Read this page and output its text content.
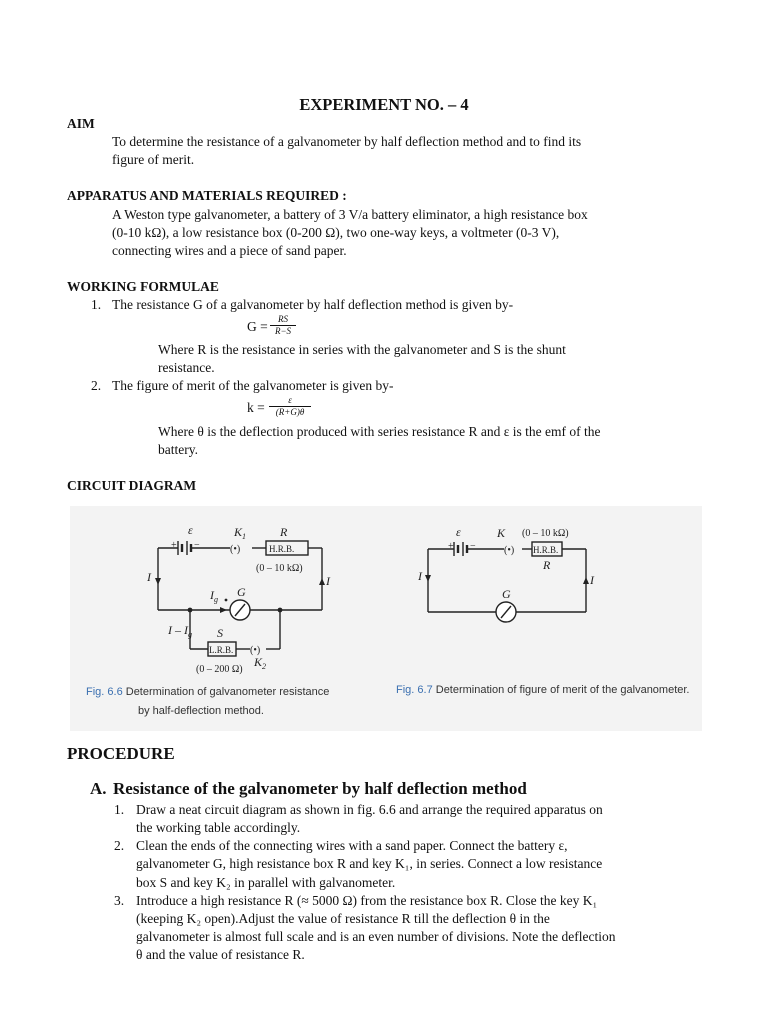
EXPERIMENT NO. – 4
AIM
To determine the resistance of a galvanometer by half deflection method and to find its
figure of merit.
APPARATUS AND MATERIALS REQUIRED :
A Weston type galvanometer, a battery of 3 V/a battery eliminator, a high resistance box
(0-10 kΩ), a low resistance box (0-200 Ω), two one-way keys, a voltmeter (0-3 V),
connecting wires and a piece of sand paper.
WORKING FORMULAE
1. The resistance G of a galvanometer by half deflection method is given by-
$G = \frac{RS}{R-S}$
Where R is the resistance in series with the galvanometer and S is the shunt
resistance.
2. The figure of merit of the galvanometer is given by-
$k = \frac{\varepsilon}{(R+G)\theta}$
Where θ is the deflection produced with series resistance R and ε is the emf of the
battery.
CIRCUIT DIAGRAM
ε
+ −
$K_1$
(•)
R
H.R.B.
(0 – 10 kΩ)
I	I
$I_g$
G
I – $I_g$ S
L.R.B. (•)
(0 – 200 Ω)
$K_2$
Fig. 6.6 Determination of galvanometer resistance
by half-deflection method.
ε
+ −
K
(•)
(0 – 10 kΩ)
H.R.B.
R
I	I
G
Fig. 6.7 Determination of figure of merit of the galvanometer.
PROCEDURE
A. Resistance of the galvanometer by half deflection method
1. Draw a neat circuit diagram as shown in fig. 6.6 and arrange the required apparatus on
the working table accordingly.
2. Clean the ends of the connecting wires with a sand paper. Connect the battery ε,
galvanometer G, high resistance box R and key K₁, in series. Connect a low resistance
box S and key K₂ in parallel with galvanometer.
3. Introduce a high resistance R (≈ 5000 Ω) from the resistance box R. Close the key K₁
(keeping K₂ open).Adjust the value of resistance R till the deflection θ in the
galvanometer is almost full scale and is an even number of divisions. Note the deflection
θ and the value of resistance R.
